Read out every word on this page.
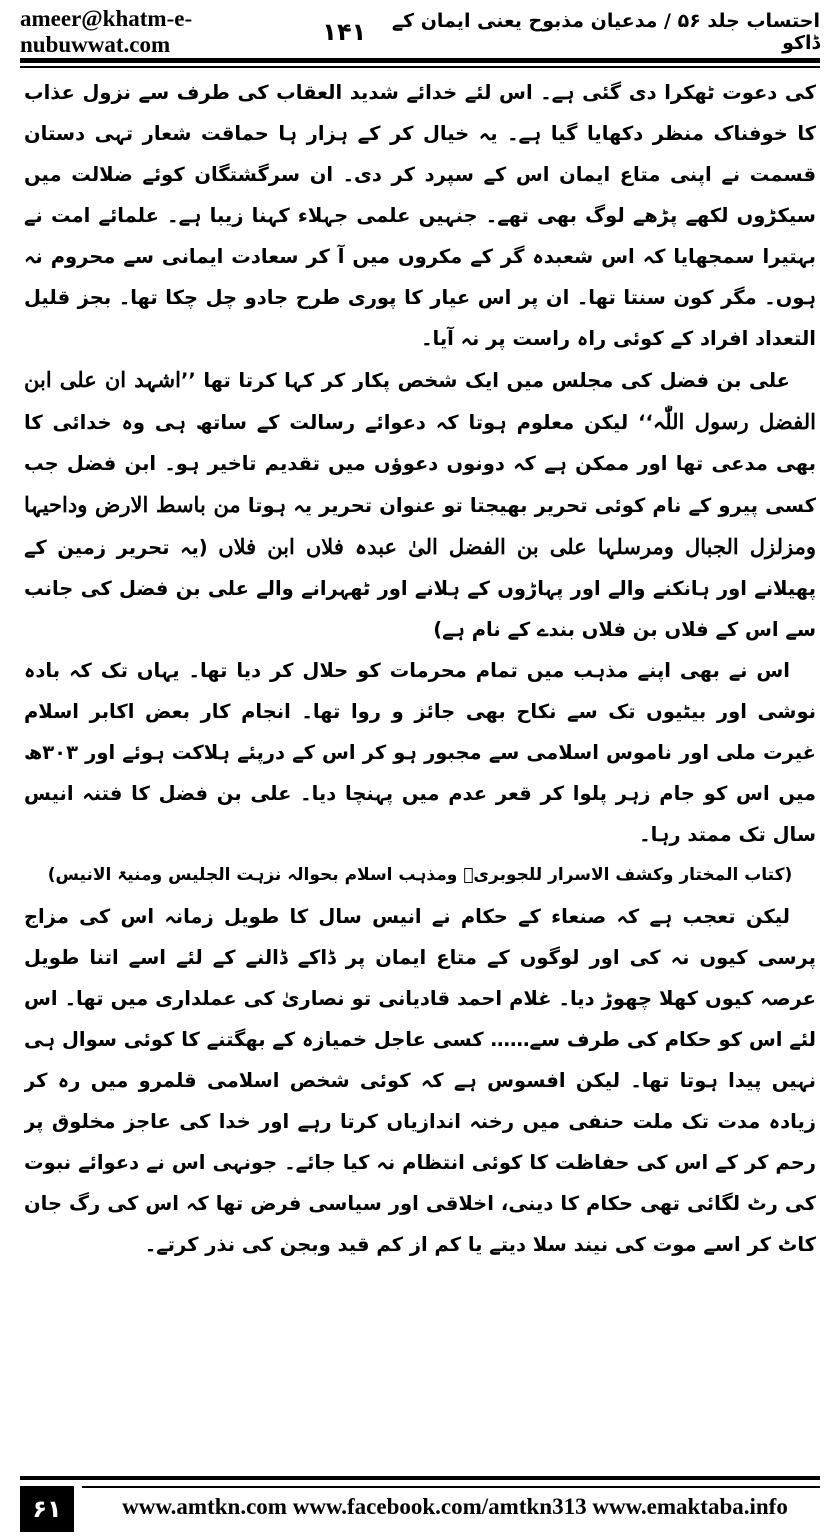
ameer@khatm-e-nubuwwat.com
احتساب جلد ۵۶ / مدعیان مذبوح یعنی ایمان کے ڈاکو
۱۴۱

کی دعوت ٹھکرا دی گئی ہے۔ اس لئے خدائے شدید العقاب کی طرف سے نزول عذاب کا خوفناک منظر دکھایا گیا ہے۔ یہ خیال کر کے ہزار ہا حماقت شعار تہی دستان قسمت نے اپنی متاع ایمان اس کے سپرد کر دی۔ ان سرگشتگان کوئے ضلالت میں سیکڑوں لکھے پڑھے لوگ بھی تھے۔ جنہیں علمی جہلاء کہنا زیبا ہے۔ علمائے امت نے بہتیرا سمجھایا کہ اس شعبدہ گر کے مکروں میں آ کر سعادت ایمانی سے محروم نہ ہوں۔ مگر کون سنتا تھا۔ ان پر اس عیار کا پوری طرح جادو چل چکا تھا۔ بجز قلیل التعداد افراد کے کوئی راہ راست پر نہ آیا۔

علی بن فضل کی مجلس میں ایک شخص پکار کر کہا کرتا تھا ’’اشہد ان علی ابن الفضل رسول اللّٰہ‘‘ لیکن معلوم ہوتا کہ دعوائے رسالت کے ساتھ ہی وہ خدائی کا بھی مدعی تھا اور ممکن ہے کہ دونوں دعوؤں میں تقدیم تاخیر ہو۔ ابن فضل جب کسی پیرو کے نام کوئی تحریر بھیجتا تو عنوان تحریر یہ ہوتا من باسط الارض وداحیہا ومزلزل الجبال ومرسلہا علی بن الفضل الیٰ عبدہ فلاں ابن فلاں (یہ تحریر زمین کے پھیلانے اور ہانکنے والے اور پہاڑوں کے ہلانے اور ٹھہرانے والے علی بن فضل کی جانب سے اس کے فلاں بن فلاں بندے کے نام ہے)

اس نے بھی اپنے مذہب میں تمام محرمات کو حلال کر دیا تھا۔ یہاں تک کہ بادہ نوشی اور بیٹیوں تک سے نکاح بھی جائز و روا تھا۔ انجام کار بعض اکابر اسلام غیرت ملی اور ناموس اسلامی سے مجبور ہو کر اس کے درپئے ہلاکت ہوئے اور ۳۰۳ھ میں اس کو جام زہر پلوا کر قعر عدم میں پہنچا دیا۔ علی بن فضل کا فتنہ انیس سال تک ممتد رہا۔

(کتاب المختار وکشف الاسرار للجوبریؒ ومذہب اسلام بحوالہ نزہت الجلیس ومنیۃ الانیس)

لیکن تعجب ہے کہ صنعاء کے حکام نے انیس سال کا طویل زمانہ اس کی مزاج پرسی کیوں نہ کی اور لوگوں کے متاع ایمان پر ڈاکے ڈالنے کے لئے اسے اتنا طویل عرصہ کیوں کھلا چھوڑ دیا۔ غلام احمد قادیانی تو نصاریٰ کی عملداری میں تھا۔ اس لئے اس کو حکام کی طرف سے…… کسی عاجل خمیازہ کے بھگتنے کا کوئی سوال ہی نہیں پیدا ہوتا تھا۔ لیکن افسوس ہے کہ کوئی شخص اسلامی قلمرو میں رہ کر زیادہ مدت تک ملت حنفی میں رخنہ اندازیاں کرتا رہے اور خدا کی عاجز مخلوق پر رحم کر کے اس کی حفاظت کا کوئی انتظام نہ کیا جائے۔ جونہی اس نے دعوائے نبوت کی رٹ لگائی تھی حکام کا دینی، اخلاقی اور سیاسی فرض تھا کہ اس کی رگ جان کاٹ کر اسے موت کی نیند سلا دیتے یا کم از کم قید وبجن کی نذر کرتے۔

۶۱	www.amtkn.com www.facebook.com/amtkn313 www.emaktaba.info
